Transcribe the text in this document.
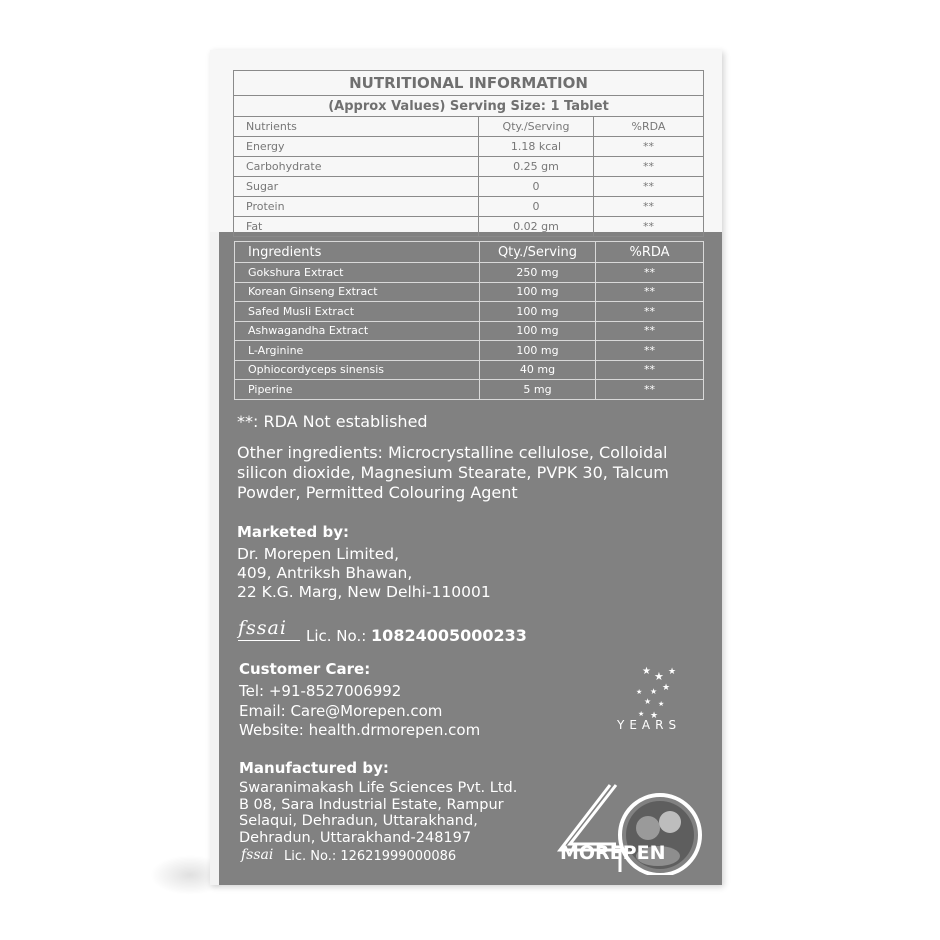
NUTRITIONAL INFORMATION		
(Approx Values) Serving Size: 1 Tablet		
Nutrients	Qty./Serving	%RDA
Energy	1.18 kcal	**
Carbohydrate	0.25 gm	**
Sugar	0	**
Protein	0	**
Fat	0.02 gm	**
Ingredients	Qty./Serving	%RDA
Gokshura Extract	250 mg	**
Korean Ginseng Extract	100 mg	**
Safed Musli Extract	100 mg	**
Ashwagandha Extract	100 mg	**
L-Arginine	100 mg	**
Ophiocordyceps sinensis	40 mg	**
Piperine	5 mg	**
**: RDA Not established
Other ingredients: Microcrystalline cellulose, Colloidal silicon dioxide, Magnesium Stearate, PVPK 30, Talcum Powder, Permitted Colouring Agent
Marketed by:
Dr. Morepen Limited,
409, Antriksh Bhawan,
22 K.G. Marg, New Delhi-110001
fssai Lic. No.: 10824005000233
Customer Care:
Tel: +91-8527006992
Email: Care@Morepen.com
Website: health.drmorepen.com
Manufactured by:
Swaranimakash Life Sciences Pvt. Ltd.
B 08, Sara Industrial Estate, Rampur
Selaqui, Dehradun, Uttarakhand,
Dehradun, Uttarakhand-248197
fssai Lic. No.: 12621999000086
★ ★ ★
★
★
★
★ ★
★
★
YEARS
MOREPEN
